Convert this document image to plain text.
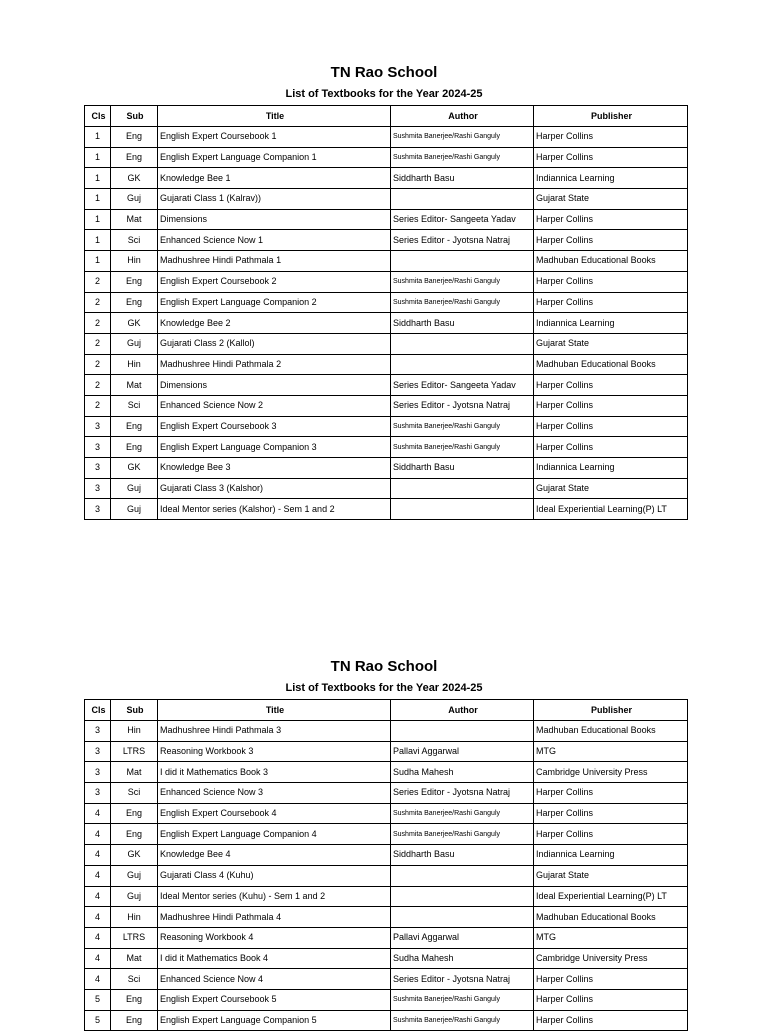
TN Rao School
List of Textbooks for the Year 2024-25
Cls	Sub	Title	Author	Publisher
1	Eng	English Expert Coursebook 1	Sushmita Banerjee/Rashi Ganguly	Harper Collins
1	Eng	English Expert Language Companion 1	Sushmita Banerjee/Rashi Ganguly	Harper Collins
1	GK	Knowledge Bee 1	Siddharth Basu	Indiannica Learning
1	Guj	Gujarati Class 1 (Kalrav))		Gujarat State
1	Mat	Dimensions	Series Editor- Sangeeta Yadav	Harper Collins
1	Sci	Enhanced Science Now 1	Series Editor - Jyotsna Natraj	Harper Collins
1	Hin	Madhushree Hindi Pathmala 1		Madhuban Educational Books
2	Eng	English Expert Coursebook 2	Sushmita Banerjee/Rashi Ganguly	Harper Collins
2	Eng	English Expert Language Companion 2	Sushmita Banerjee/Rashi Ganguly	Harper Collins
2	GK	Knowledge Bee 2	Siddharth Basu	Indiannica Learning
2	Guj	Gujarati Class 2 (Kallol)		Gujarat State
2	Hin	Madhushree Hindi Pathmala 2		Madhuban Educational Books
2	Mat	Dimensions	Series Editor- Sangeeta Yadav	Harper Collins
2	Sci	Enhanced Science Now 2	Series Editor - Jyotsna Natraj	Harper Collins
3	Eng	English Expert Coursebook 3	Sushmita Banerjee/Rashi Ganguly	Harper Collins
3	Eng	English Expert Language Companion 3	Sushmita Banerjee/Rashi Ganguly	Harper Collins
3	GK	Knowledge Bee 3	Siddharth Basu	Indiannica Learning
3	Guj	Gujarati Class 3 (Kalshor)		Gujarat State
3	Guj	Ideal Mentor series (Kalshor) - Sem 1 and 2		Ideal Experiential Learning(P) LT
TN Rao School
List of Textbooks for the Year 2024-25
Cls	Sub	Title	Author	Publisher
3	Hin	Madhushree Hindi Pathmala 3		Madhuban Educational Books
3	LTRS	Reasoning Workbook 3	Pallavi Aggarwal	MTG
3	Mat	I did it Mathematics Book 3	Sudha Mahesh	Cambridge University Press
3	Sci	Enhanced Science Now 3	Series Editor - Jyotsna Natraj	Harper Collins
4	Eng	English Expert Coursebook 4	Sushmita Banerjee/Rashi Ganguly	Harper Collins
4	Eng	English Expert Language Companion 4	Sushmita Banerjee/Rashi Ganguly	Harper Collins
4	GK	Knowledge Bee 4	Siddharth Basu	Indiannica Learning
4	Guj	Gujarati Class 4 (Kuhu)		Gujarat State
4	Guj	Ideal Mentor series (Kuhu) - Sem 1 and 2		Ideal Experiential Learning(P) LT
4	Hin	Madhushree Hindi Pathmala 4		Madhuban Educational Books
4	LTRS	Reasoning Workbook 4	Pallavi Aggarwal	MTG
4	Mat	I did it Mathematics Book 4	Sudha Mahesh	Cambridge University Press
4	Sci	Enhanced Science Now 4	Series Editor - Jyotsna Natraj	Harper Collins
5	Eng	English Expert Coursebook 5	Sushmita Banerjee/Rashi Ganguly	Harper Collins
5	Eng	English Expert Language Companion 5	Sushmita Banerjee/Rashi Ganguly	Harper Collins
